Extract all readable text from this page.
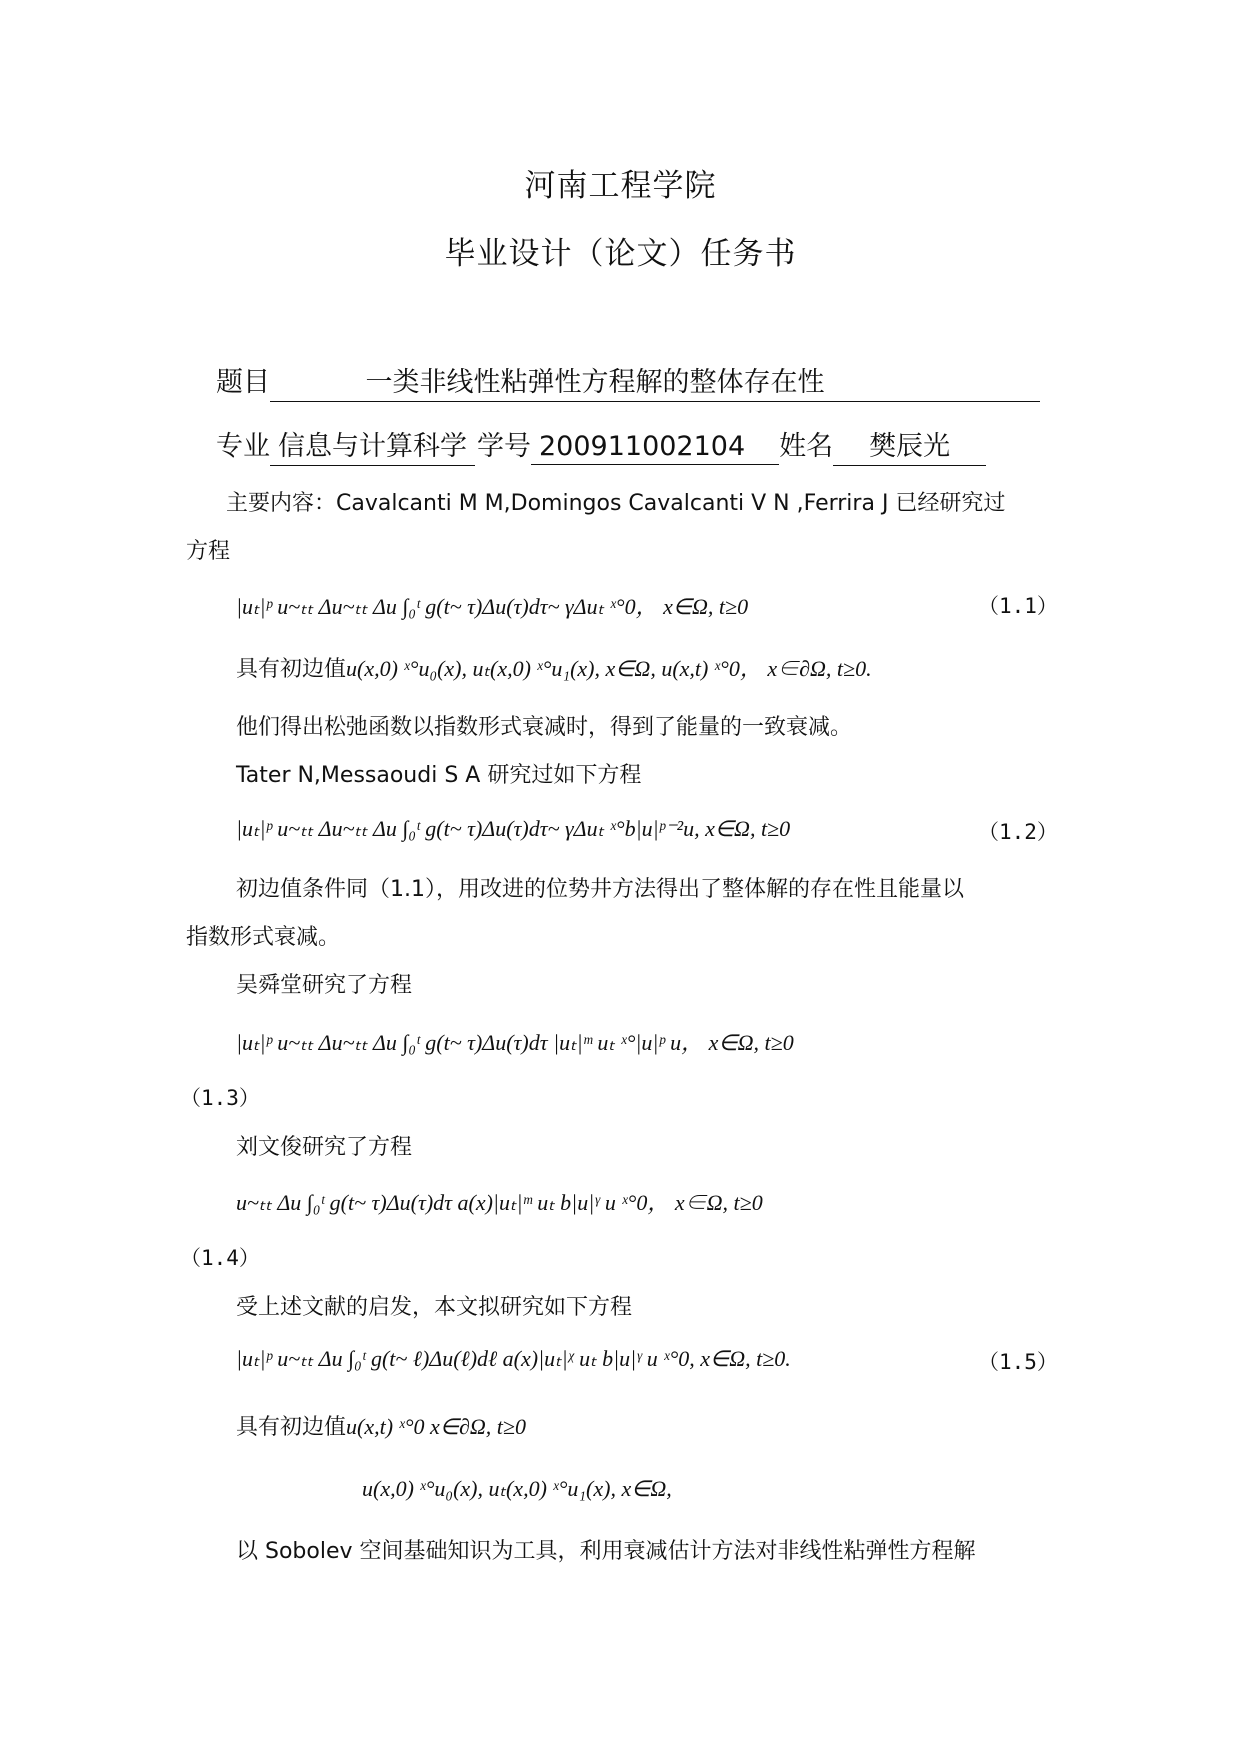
河南工程学院
毕业设计（论文）任务书
题目	一类非线性粘弹性方程解的整体存在性
专业 信息与计算科学 学号 200911002104 姓名 樊辰光
主要内容：Cavalcanti M M,Domingos Cavalcanti V N ,Ferrira J 已经研究过
方程
|uₜ|ᵖ u~ₜₜ Δu~ₜₜ Δu ∫₀ᵗ g(t~ τ)Δu(τ)dτ~ γΔuₜ ˣ°0， x∈Ω, t≥0	（1.1）
具有初边值u(x,0) ˣ°u₀(x), uₜ(x,0) ˣ°u₁(x), x∈Ω, u(x,t) ˣ°0， x∈∂Ω, t≥0.
他们得出松弛函数以指数形式衰减时，得到了能量的一致衰减。
Tater N,Messaoudi S A 研究过如下方程
|uₜ|ᵖ u~ₜₜ Δu~ₜₜ Δu ∫₀ᵗ g(t~ τ)Δu(τ)dτ~ γΔuₜ ˣ°b|u|ᵖ⁻²u, x∈Ω, t≥0	（1.2）
初边值条件同（1.1），用改进的位势井方法得出了整体解的存在性且能量以
指数形式衰减。
吴舜堂研究了方程
|uₜ|ᵖ u~ₜₜ Δu~ₜₜ Δu ∫₀ᵗ g(t~ τ)Δu(τ)dτ |uₜ|ᵐ uₜ ˣ°|u|ᵖ u， x∈Ω, t≥0
（1.3）
刘文俊研究了方程
u~ₜₜ Δu ∫₀ᵗ g(t~ τ)Δu(τ)dτ a(x)|uₜ|ᵐ uₜ b|u|ᵞ u ˣ°0， x∈Ω, t≥0
（1.4）
受上述文献的启发，本文拟研究如下方程
|uₜ|ᵖ u~ₜₜ Δu ∫₀ᵗ g(t~ ℓ)Δu(ℓ)dℓ a(x)|uₜ|ᵡ uₜ b|u|ᵞ u ˣ°0, x∈Ω, t≥0.	（1.5）
具有初边值u(x,t) ˣ°0 x∈∂Ω, t≥0
u(x,0) ˣ°u₀(x), uₜ(x,0) ˣ°u₁(x), x∈Ω,
以 Sobolev 空间基础知识为工具，利用衰减估计方法对非线性粘弹性方程解
